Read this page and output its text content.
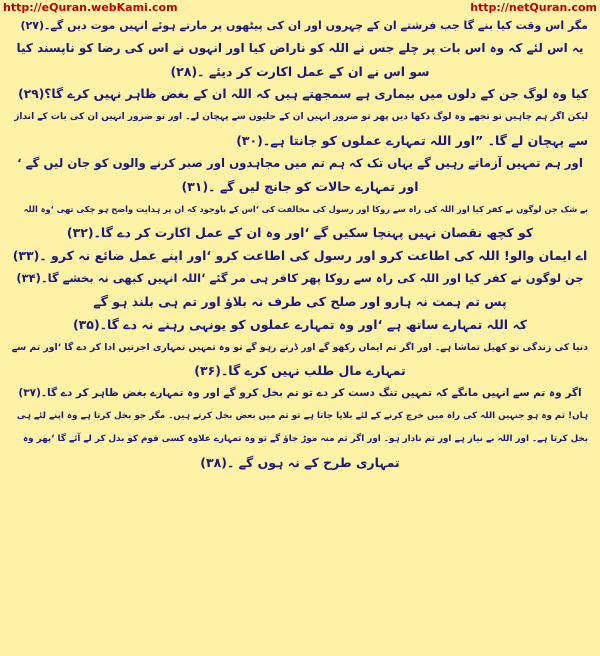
http://eQuran.webKami.com	http://netQuran.com
مگر اس وقت کیا بنے گا جب فرشتے ان کے چہروں اور ان کی پیٹھوں پر مارتے ہوئے انہیں موت دیں گے۔(۲۷)
یہ اس لئے کہ وہ اس بات پر چلے جس نے اللہ کو ناراض کیا اور انہوں نے اس کی رضا کو ناپسند کیا
سو اس نے ان کے عمل اکارت کر دیئے ۔(۲۸)
کیا وہ لوگ جن کے دلوں میں بیماری ہے سمجھتے ہیں کہ اللہ ان کے بغض ظاہر نہیں کرے گا؟(۲۹)
لیکن اگر ہم چاہیں تو تجھے وہ لوگ دکھا دیں پھر تو ضرور انہیں ان کے حلیوں سے پہچان لے۔ اور تو ضرور انہیں ان کی بات کے انداز
سے پہچان لے گا۔ ”اور اللہ تمہارے عملوں کو جانتا ہے۔(۳۰)
اور ہم تمہیں آزماتے رہیں گے یہاں تک کہ ہم تم میں مجاہدوں اور صبر کرنے والوں کو جان لیں گے ‘
اور تمہارے حالات کو جانچ لیں گے ۔(۳۱)
بے شک جن لوگوں نے کفر کیا اور اللہ کی راہ سے روکا اور رسول کی مخالفت کی ‘اس کے باوجود کہ ان پر ہدایت واضح ہو چکی تھی ‘وہ اللہ
کو کچھ نقصان نہیں پہنچا سکیں گے ‘اور وہ ان کے عمل اکارت کر دے گا۔(۳۲)
اے ایمان والو! اللہ کی اطاعت کرو اور رسول کی اطاعت کرو ‘اور اپنے عمل ضائع نہ کرو ۔(۳۳)
جن لوگوں نے کفر کیا اور اللہ کی راہ سے روکا پھر کافر ہی مر گئے ‘اللہ انہیں کبھی نہ بخشے گا۔(۳۴)
پس تم ہمت نہ ہارو اور صلح کی طرف نہ بلاؤ اور تم ہی بلند ہو گے
کہ اللہ تمہارے ساتھ ہے ‘اور وہ تمہارے عملوں کو یونہی رہنے نہ دے گا۔(۳۵)
دنیا کی زندگی تو کھیل تماشا ہے۔ اور اگر تم ایمان رکھو گے اور ڈرتے رہو گے تو وہ تمہیں تمہاری اجرتیں ادا کر دے گا ‘اور تم سے
تمہارے مال طلب نہیں کرے گا۔(۳۶)
اگر وہ تم سے انہیں مانگے کہ تمہیں تنگ دست کر دے تو تم بخل کرو گے اور وہ تمہارے بغض ظاہر کر دے گا۔(۳۷)
ہاں! تم وہ ہو جنہیں اللہ کی راہ میں خرچ کرنے کے لئے بلایا جاتا ہے تو تم میں بعض بخل کرتے ہیں۔ مگر جو بخل کرتا ہے وہ اپنے لئے ہی
بخل کرتا ہے۔ اور اللہ بے نیاز ہے اور تم نادار ہو۔ اور اگر تم منہ موڑ جاؤ گے تو وہ تمہارے علاوہ کسی قوم کو بدل کر لے آئے گا ‘پھر وہ
تمہاری طرح کے نہ ہوں گے ۔(۳۸)
